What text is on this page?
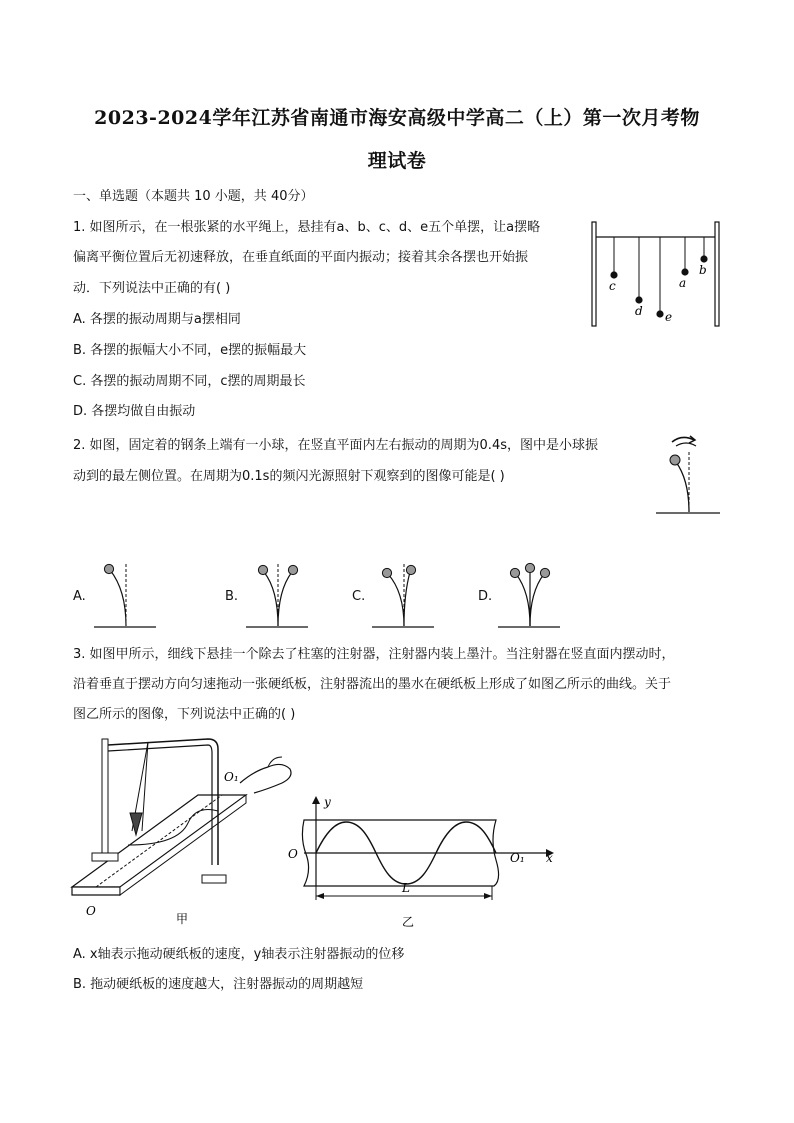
2023-2024学年江苏省南通市海安高级中学高二（上）第一次月考物
理试卷
一、单选题（本题共 10 小题，共 40分）
1. 如图所示，在一根张紧的水平绳上，悬挂有a、b、c、d、e五个单摆，让a摆略
偏离平衡位置后无初速释放，在垂直纸面的平面内振动；接着其余各摆也开始振
动．下列说法中正确的有( )
A. 各摆的振动周期与a摆相同
B. 各摆的振幅大小不同，e摆的振幅最大
C. 各摆的振动周期不同，c摆的周期最长
D. 各摆均做自由振动
c
d e
a
b
2. 如图，固定着的钢条上端有一小球，在竖直平面内左右振动的周期为0.4s，图中是小球振
动到的最左侧位置。在周期为0.1s的频闪光源照射下观察到的图像可能是( )
A.	B.	C.	D.
3. 如图甲所示，细线下悬挂一个除去了柱塞的注射器，注射器内装上墨汁。当注射器在竖直面内摆动时，
沿着垂直于摆动方向匀速拖动一张硬纸板，注射器流出的墨水在硬纸板上形成了如图乙所示的曲线。关于
图乙所示的图像，下列说法中正确的( )
O₁
O
甲
y
O	O₁ x
L
乙
A. x轴表示拖动硬纸板的速度，y轴表示注射器振动的位移
B. 拖动硬纸板的速度越大，注射器振动的周期越短
